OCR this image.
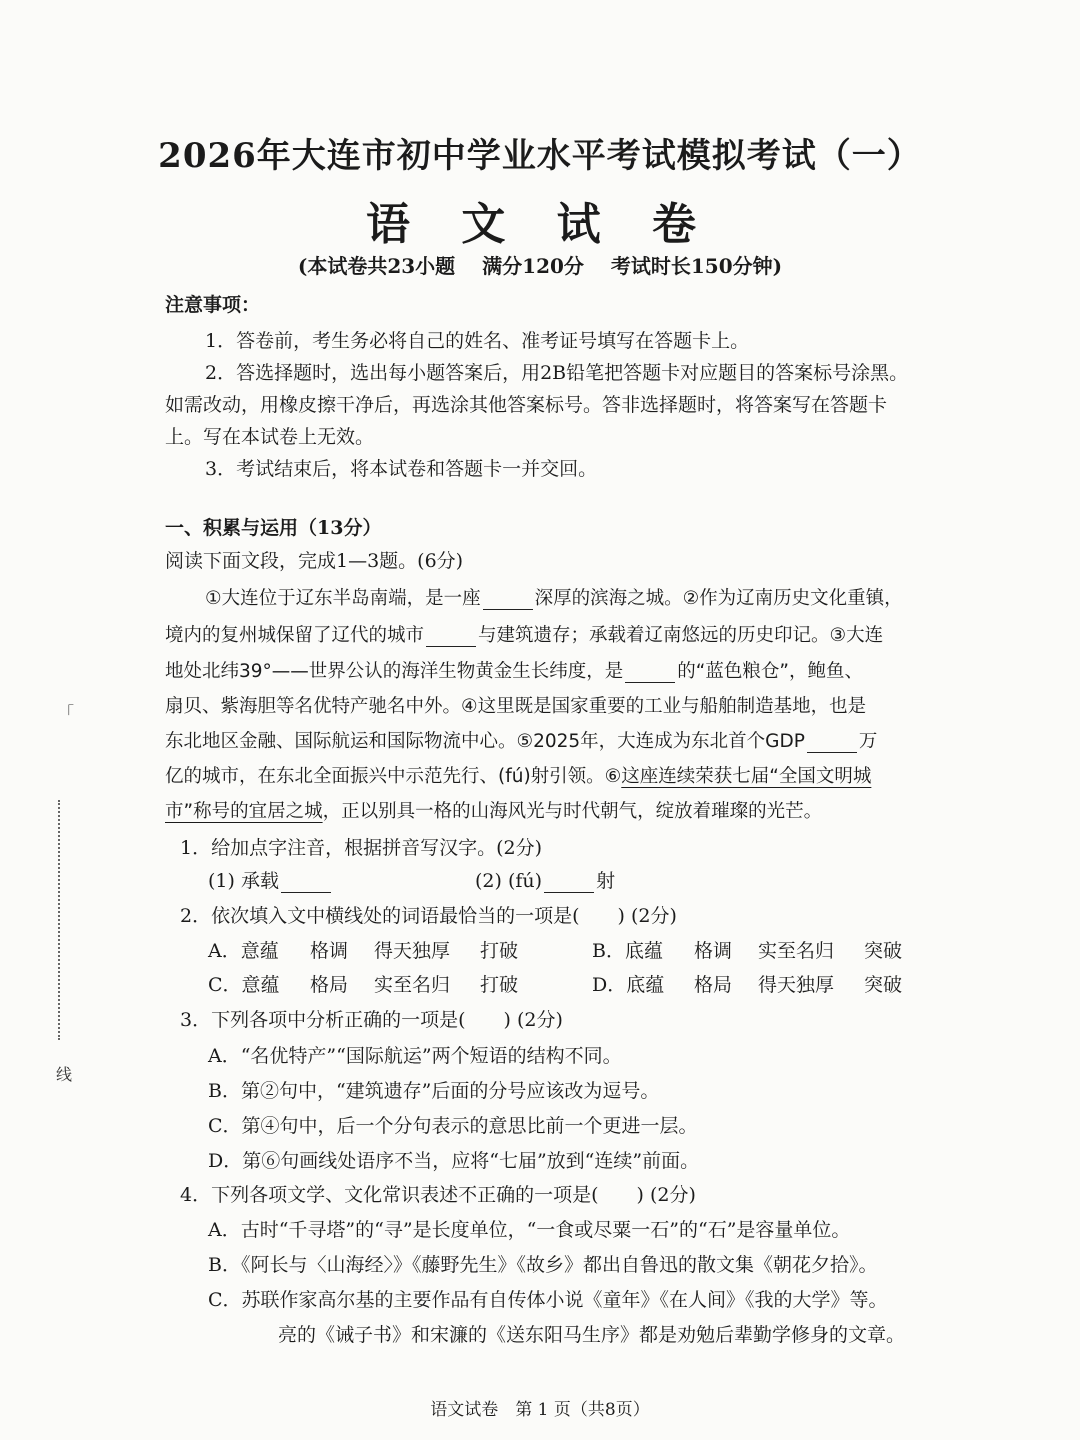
2026年大连市初中学业水平考试模拟考试（一）
语 文 试 卷
(本试卷共23小题 满分120分 考试时长150分钟)
注意事项：
1．答卷前，考生务必将自己的姓名、准考证号填写在答题卡上。
2．答选择题时，选出每小题答案后，用2B铅笔把答题卡对应题目的答案标号涂黑。
如需改动，用橡皮擦干净后，再选涂其他答案标号。答非选择题时，将答案写在答题卡
上。写在本试卷上无效。
3．考试结束后，将本试卷和答题卡一并交回。
一、积累与运用（13分）
阅读下面文段，完成1—3题。(6分)
①大连位于辽东半岛南端，是一座	深厚的滨海之城。②作为辽南历史文化重镇，
境内的复州城保留了辽代的城市	与建筑遗存；承载着辽南悠远的历史印记。③大连
地处北纬39°——世界公认的海洋生物黄金生长纬度，是	的“蓝色粮仓”，鲍鱼、
扇贝、紫海胆等名优特产驰名中外。④这里既是国家重要的工业与船舶制造基地，也是
东北地区金融、国际航运和国际物流中心。⑤2025年，大连成为东北首个GDP	万
亿的城市，在东北全面振兴中示范先行、(fú)射引领。⑥这座连续荣获七届“全国文明城
市”称号的宜居之城，正以别具一格的山海风光与时代朝气，绽放着璀璨的光芒。
1．给加点字注音，根据拼音写汉字。(2分)
(1) 承载	(2) (fú)	射
2．依次填入文中横线处的词语最恰当的一项是(　　) (2分)
A．意蕴 格调 得天独厚 打破	B．底蕴 格调 实至名归 突破
C．意蕴 格局 实至名归 打破	D．底蕴 格局 得天独厚 突破
3．下列各项中分析正确的一项是(　　) (2分)
A．“名优特产”“国际航运”两个短语的结构不同。
B．第②句中，“建筑遗存”后面的分号应该改为逗号。
C．第④句中，后一个分句表示的意思比前一个更进一层。
D．第⑥句画线处语序不当，应将“七届”放到“连续”前面。
4．下列各项文学、文化常识表述不正确的一项是(　　) (2分)
A．古时“千寻塔”的“寻”是长度单位，“一食或尽粟一石”的“石”是容量单位。
B．《阿长与〈山海经〉》《藤野先生》《故乡》都出自鲁迅的散文集《朝花夕拾》。
C．苏联作家高尔基的主要作品有自传体小说《童年》《在人间》《我的大学》等。
亮的《诫子书》和宋濂的《送东阳马生序》都是劝勉后辈勤学修身的文章。
「
线
语文试卷　第 1 页（共8页）
